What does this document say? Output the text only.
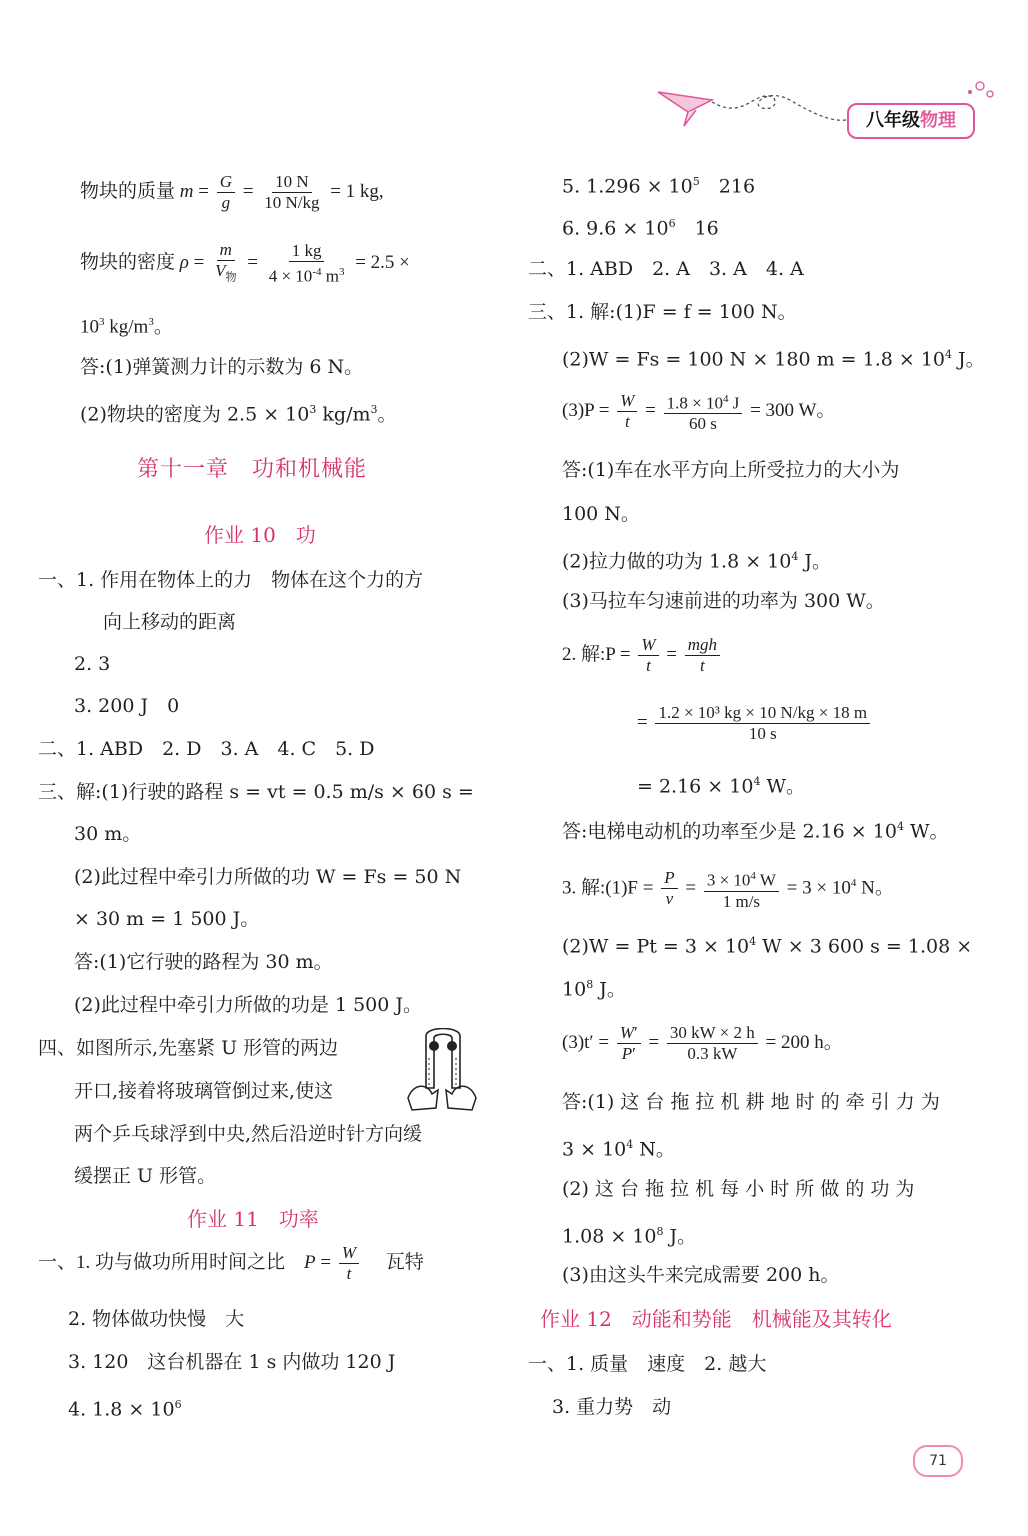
八年级物理
物块的质量 $m = \frac{G}{g} = \frac{10 N}{10 N/kg} = 1$ kg,
物块的密度 $\rho = \frac{m}{V_物} = \frac{1 kg}{4 \times 10^{-4} m^3} = 2.5$ ×
$10^3$ $kg/m^3$。
答:(1)弹簧测力计的示数为 6 N。
(2)物块的密度为 $2.5 \times 10^3$ $kg/m^3$。
第十一章　功和机械能
作业 10　功
一、1. 作用在物体上的力　物体在这个力的方
向上移动的距离
2. 3
3. 200 J　0
二、1. ABD　2. D　3. A　4. C　5. D
三、解:(1)行驶的路程 s = vt = 0.5 m/s × 60 s =
30 m。
(2)此过程中牵引力所做的功 W = Fs = 50 N
× 30 m = 1 500 J。
答:(1)它行驶的路程为 30 m。
(2)此过程中牵引力所做的功是 1 500 J。
四、如图所示,先塞紧 U 形管的两边
开口,接着将玻璃管倒过来,使这
两个乒乓球浮到中央,然后沿逆时针方向缓
缓摆正 U 形管。
作业 11　功率
一、1. 功与做功所用时间之比　 $P = \frac{W}{t}$
　 瓦特
2. 物体做功快慢　大
3. 120　这台机器在 1 s 内做功 120 J
4. $1.8 \times 10^6$
5. $1.296 \times 10^5$　 216
6. $9.6 \times 10^6$　 16
二、1. ABD　2. A　3. A　4. A
三、1. 解:(1)F = f = 100 N。
(2)W = Fs = 100 N × 180 $m = 1.8 \times 10^4$ J。
$(3)P = \frac{W}{t} = \frac{1.8 \times 10^4 J}{60 s} = 300$ W。
答:(1)车在水平方向上所受拉力的大小为
100 N。
(2)拉力做的功为 $1.8 \times 10^4$ J。
(3)马拉车匀速前进的功率为 300 W。
2. 解:P = $\frac{W}{t} = \frac{\text{mgh}}{t}$
= $\frac{\text{1.2 × 10³ kg × 10 N/kg × 18 m}}{10 s}$
= $2.16 \times 10^4$ W。
答:电梯电动机的功率至少是 $2.16 \times 10^4$ W。
3. 解:(1)F = $\frac{P}{v} = \frac{3 \times 10^4 W}{1 m/s} = 3 \times 10^4$ N。
$(2)W = Pt = 3 \times 10^4$ W × 3 600 s = 1.08 ×
$10^8$ J。
$(3)t' = \frac{W'}{P'} = \frac{30 kW \times 2 h}{0.3 kW} = 200$ h。
答:(1) 这 台 拖 拉 机 耕 地 时 的 牵 引 力 为
$3 \times 10^4$ N。
(2) 这 台 拖 拉 机 每 小 时 所 做 的 功 为
$1.08 \times 10^8$ J。
(3)由这头牛来完成需要 200 h。
作业 12　动能和势能　机械能及其转化
一、1. 质量　速度　2. 越大
3. 重力势　动
71
